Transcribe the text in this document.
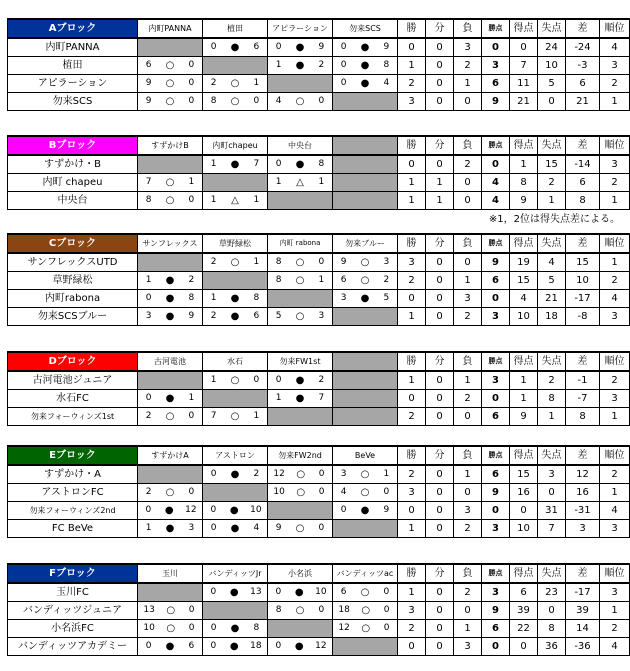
Aブロック	内町PANNA	植田	アピラーション	勿来SCS	勝	分	負	勝点	得点	失点	差	順位
内町PANNA		0 ● 6	0 ● 9	0 ● 9	0	0	3	0	0	24	-24	4
植田	6 ○ 0		1 ● 2	0 ● 8	1	0	2	3	7	10	-3	3
アピラーション	9 ○ 0	2 ○ 1		0 ● 4	2	0	1	6	11	5	6	2
勿来SCS	9 ○ 0	8 ○ 0	4 ○ 0		3	0	0	9	21	0	21	1
Bブロック	すずかけB	内町chapeu	中央台		勝	分	負	勝点	得点	失点	差	順位
すずかけ・B		1 ● 7	0 ● 8		0	0	2	0	1	15	-14	3
内町 chapeu	7 ○ 1		1 △ 1		1	1	0	4	8	2	6	2
中央台	8 ○ 0	1 △ 1			1	1	0	4	9	1	8	1
Cブロック	サンフレックス	草野緑松	内町 rabona	勿来ブルー	勝	分	負	勝点	得点	失点	差	順位
サンフレックスUTD		2 ○ 1	8 ○ 0	9 ○ 3	3	0	0	9	19	4	15	1
草野緑松	1 ● 2		8 ○ 1	6 ○ 2	2	0	1	6	15	5	10	2
内町rabona	0 ● 8	1 ● 8		3 ● 5	0	0	3	0	4	21	-17	4
勿来SCSブルー	3 ● 9	2 ● 6	5 ○ 3		1	0	2	3	10	18	-8	3
Dブロック	古河電池	水石	勿来FW1st		勝	分	負	勝点	得点	失点	差	順位
古河電池ジュニア		1 ○ 0	0 ● 2		1	0	1	3	1	2	-1	2
水石FC	0 ● 1		1 ● 7		0	0	2	0	1	8	-7	3
勿来フォーウィンズ1st	2 ○ 0	7 ○ 1			2	0	0	6	9	1	8	1
Eブロック	すずかけA	アストロン	勿来FW2nd	BeVe	勝	分	負	勝点	得点	失点	差	順位
すずかけ・A		0 ● 2	12 ○ 0	3 ○ 1	2	0	1	6	15	3	12	2
アストロンFC	2 ○ 0		10 ○ 0	4 ○ 0	3	0	0	9	16	0	16	1
勿来フォーウィンズ2nd	0 ● 12	0 ● 10		0 ● 9	0	0	3	0	0	31	-31	4
FC BeVe	1 ● 3	0 ● 4	9 ○ 0		1	0	2	3	10	7	3	3
Fブロック	玉川	バンディッツJr	小名浜	バンディッツac	勝	分	負	勝点	得点	失点	差	順位
玉川FC		0 ● 13	0 ● 10	6 ○ 0	1	0	2	3	6	23	-17	3
バンディッツジュニア	13 ○ 0		8 ○ 0	18 ○ 0	3	0	0	9	39	0	39	1
小名浜FC	10 ○ 0	0 ● 8		12 ○ 0	2	0	1	6	22	8	14	2
バンディッツアカデミー	0 ● 6	0 ● 18	0 ● 12		0	0	3	0	0	36	-36	4
※1，2位は得失点差による。
